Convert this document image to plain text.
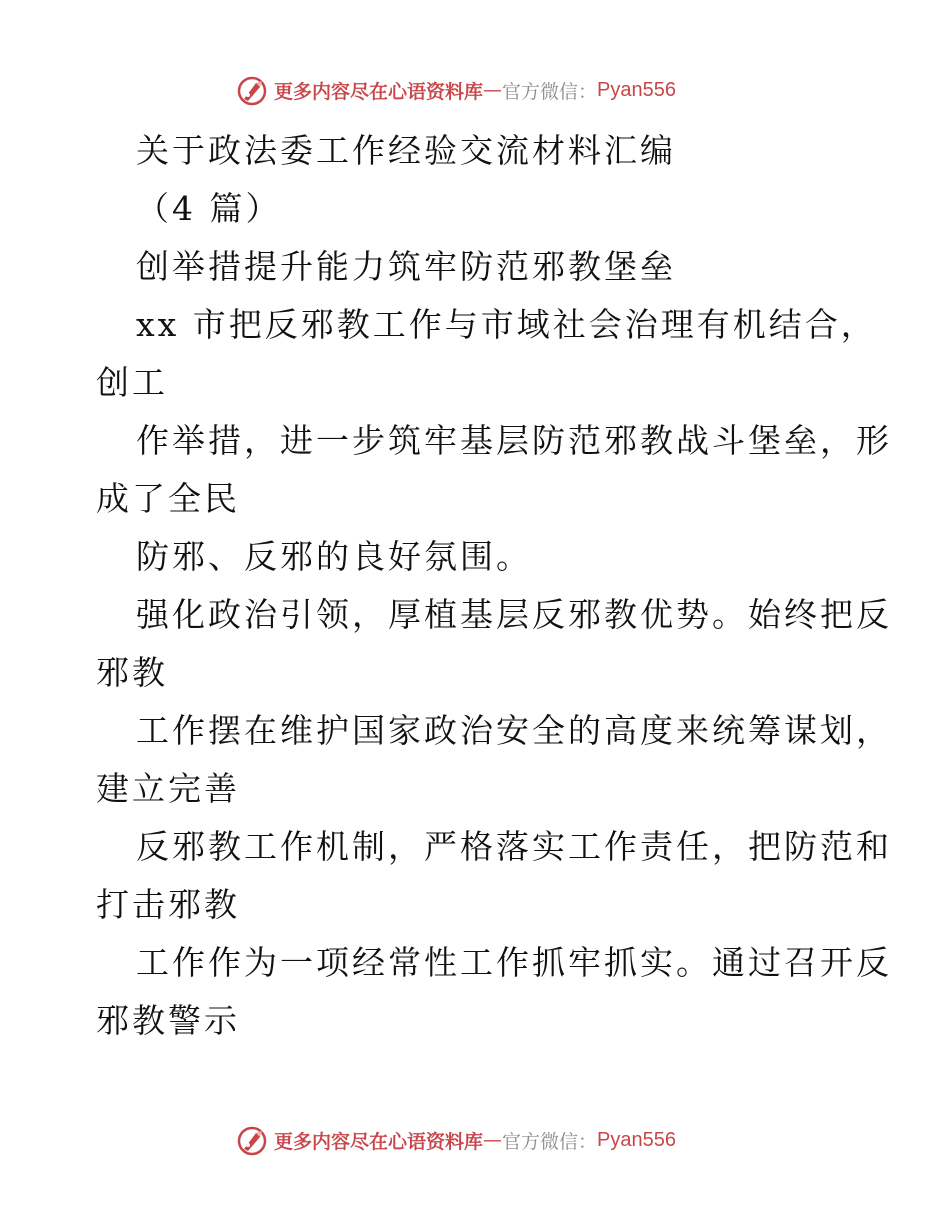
更多内容尽在心语资料库 — 官方微信： Pyan556
关于政法委工作经验交流材料汇编
（4 篇）
创举措提升能力筑牢防范邪教堡垒
xx 市把反邪教工作与市域社会治理有机结合，
创工
作举措，进一步筑牢基层防范邪教战斗堡垒，形
成了全民
防邪、反邪的良好氛围。
强化政治引领，厚植基层反邪教优势。始终把反
邪教
工作摆在维护国家政治安全的高度来统筹谋划，
建立完善
反邪教工作机制，严格落实工作责任，把防范和
打击邪教
工作作为一项经常性工作抓牢抓实。通过召开反
邪教警示
更多内容尽在心语资料库 — 官方微信： Pyan556
